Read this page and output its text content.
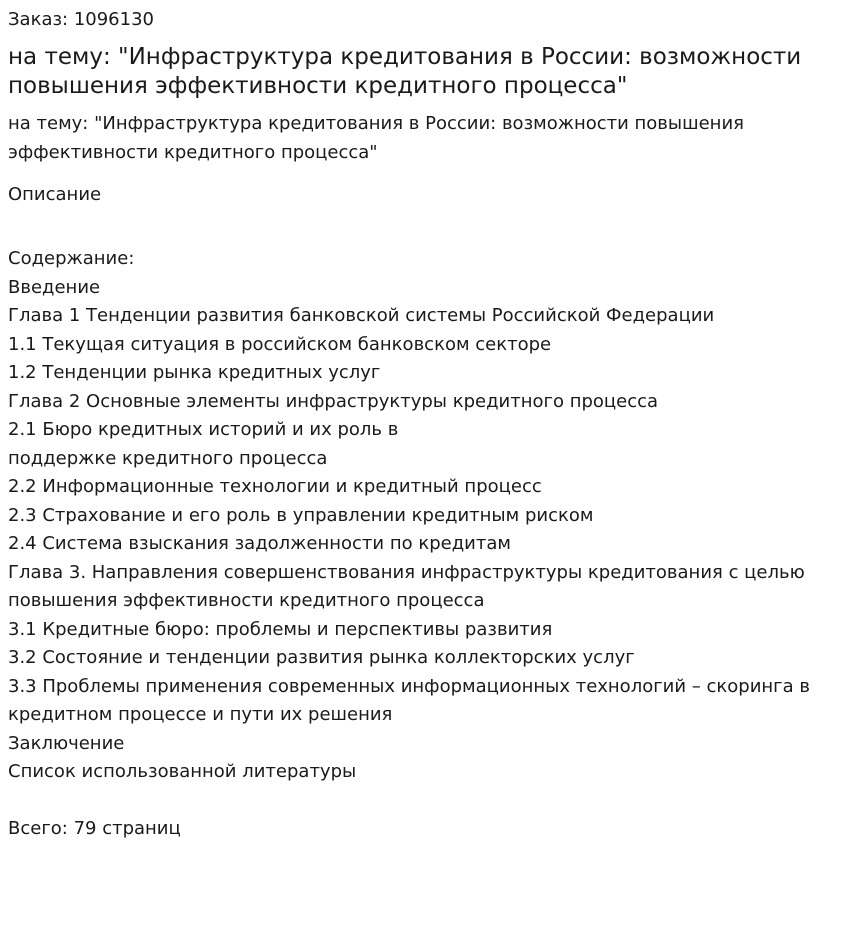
Заказ: 1096130
на тему: "Инфраструктура кредитования в России: возможности повышения эффективности кредитного процесса"
на тему: "Инфраструктура кредитования в России: возможности повышения эффективности кредитного процесса"
Описание
Содержание:
Введение
Глава 1 Тенденции развития банковской системы Российской Федерации
1.1 Текущая ситуация в российском банковском секторе
1.2 Тенденции рынка кредитных услуг
Глава 2 Основные элементы инфраструктуры кредитного процесса
2.1 Бюро кредитных историй и их роль в
поддержке кредитного процесса
2.2 Информационные технологии и кредитный процесс
2.3 Страхование и его роль в управлении кредитным риском
2.4 Система взыскания задолженности по кредитам
Глава 3. Направления совершенствования инфраструктуры кредитования с целью повышения эффективности кредитного процесса
3.1 Кредитные бюро: проблемы и перспективы развития
3.2 Состояние и тенденции развития рынка коллекторских услуг
3.3 Проблемы применения современных информационных технологий – скоринга в кредитном процессе и пути их решения
Заключение
Список использованной литературы
Всего: 79 страниц
